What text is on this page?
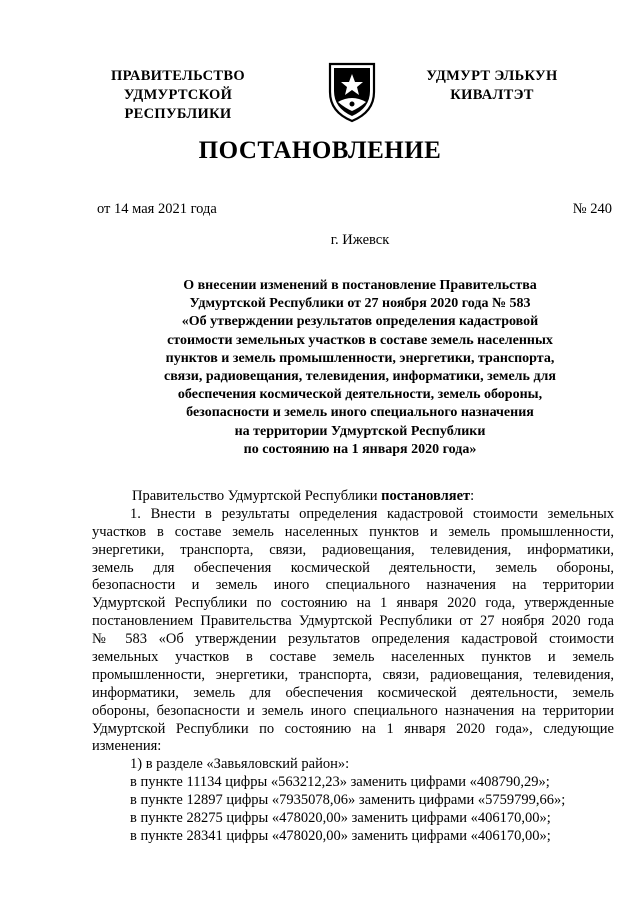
ПРАВИТЕЛЬСТВО
УДМУРТСКОЙ РЕСПУБЛИКИ
УДМУРТ ЭЛЬКУН
КИВАЛТЭТ
ПОСТАНОВЛЕНИЕ
от 14 мая 2021 года	№ 240
г. Ижевск
О внесении изменений в постановление Правительства
Удмуртской Республики от 27 ноября 2020 года № 583
«Об утверждении результатов определения кадастровой
стоимости земельных участков в составе земель населенных
пунктов и земель промышленности, энергетики, транспорта,
связи, радиовещания, телевидения, информатики, земель для
обеспечения космической деятельности, земель обороны,
безопасности и земель иного специального назначения
на территории Удмуртской Республики
по состоянию на 1 января 2020 года»
Правительство Удмуртской Республики постановляет:
1. Внести в результаты определения кадастровой стоимости земельных
участков в составе земель населенных пунктов и земель промышленности,
энергетики, транспорта, связи, радиовещания, телевидения, информатики,
земель для обеспечения космической деятельности, земель обороны,
безопасности и земель иного специального назначения на территории
Удмуртской Республики по состоянию на 1 января 2020 года, утвержденные
постановлением Правительства Удмуртской Республики от 27 ноября 2020 года
№ 583 «Об утверждении результатов определения кадастровой стоимости
земельных участков в составе земель населенных пунктов и земель
промышленности, энергетики, транспорта, связи, радиовещания, телевидения,
информатики, земель для обеспечения космической деятельности, земель
обороны, безопасности и земель иного специального назначения на территории
Удмуртской Республики по состоянию на 1 января 2020 года», следующие
изменения:
1) в разделе «Завьяловский район»:
в пункте 11134 цифры «563212,23» заменить цифрами «408790,29»;
в пункте 12897 цифры «7935078,06» заменить цифрами «5759799,66»;
в пункте 28275 цифры «478020,00» заменить цифрами «406170,00»;
в пункте 28341 цифры «478020,00» заменить цифрами «406170,00»;
